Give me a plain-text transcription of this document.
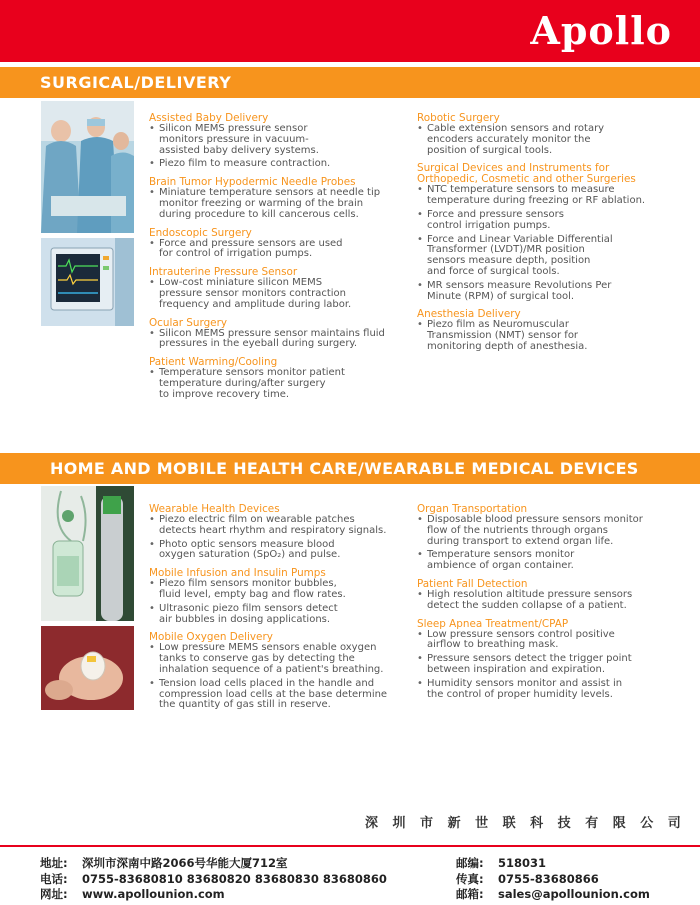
Apollo
SURGICAL/DELIVERY
Assisted Baby Delivery
• Silicon MEMS pressure sensor
monitors pressure in vacuum-
assisted baby delivery systems.
• Piezo film to measure contraction.
Brain Tumor Hypodermic Needle Probes
• Miniature temperature sensors at needle tip
monitor freezing or warming of the brain
during procedure to kill cancerous cells.
Endoscopic Surgery
• Force and pressure sensors are used
for control of irrigation pumps.
Intrauterine Pressure Sensor
• Low-cost miniature silicon MEMS
pressure sensor monitors contraction
frequency and amplitude during labor.
Ocular Surgery
• Silicon MEMS pressure sensor maintains fluid
pressures in the eyeball during surgery.
Patient Warming/Cooling
• Temperature sensors monitor patient
temperature during/after surgery
to improve recovery time.
Robotic Surgery
• Cable extension sensors and rotary
encoders accurately monitor the
position of surgical tools.
Surgical Devices and Instruments for
Orthopedic, Cosmetic and other Surgeries
• NTC temperature sensors to measure
temperature during freezing or RF ablation.
• Force and pressure sensors
control irrigation pumps.
• Force and Linear Variable Differential
Transformer (LVDT)/MR position
sensors measure depth, position
and force of surgical tools.
• MR sensors measure Revolutions Per
Minute (RPM) of surgical tool.
Anesthesia Delivery
• Piezo film as Neuromuscular
Transmission (NMT) sensor for
monitoring depth of anesthesia.
HOME AND MOBILE HEALTH CARE/WEARABLE MEDICAL DEVICES
Wearable Health Devices
• Piezo electric film on wearable patches
detects heart rhythm and respiratory signals.
• Photo optic sensors measure blood
oxygen saturation (SpO₂) and pulse.
Mobile Infusion and Insulin Pumps
• Piezo film sensors monitor bubbles,
fluid level, empty bag and flow rates.
• Ultrasonic piezo film sensors detect
air bubbles in dosing applications.
Mobile Oxygen Delivery
• Low pressure MEMS sensors enable oxygen
tanks to conserve gas by detecting the
inhalation sequence of a patient's breathing.
• Tension load cells placed in the handle and
compression load cells at the base determine
the quantity of gas still in reserve.
Organ Transportation
• Disposable blood pressure sensors monitor
flow of the nutrients through organs
during transport to extend organ life.
• Temperature sensors monitor
ambience of organ container.
Patient Fall Detection
• High resolution altitude pressure sensors
detect the sudden collapse of a patient.
Sleep Apnea Treatment/CPAP
• Low pressure sensors control positive
airflow to breathing mask.
• Pressure sensors detect the trigger point
between inspiration and expiration.
• Humidity sensors monitor and assist in
the control of proper humidity levels.
深 圳 市 新 世 联 科 技 有 限 公 司
地址: 深圳市深南中路2066号华能大厦712室
电话: 0755-83680810 83680820 83680830 83680860
网址: www.apollounion.com
邮编: 518031
传真: 0755-83680866
邮箱: sales@apollounion.com
